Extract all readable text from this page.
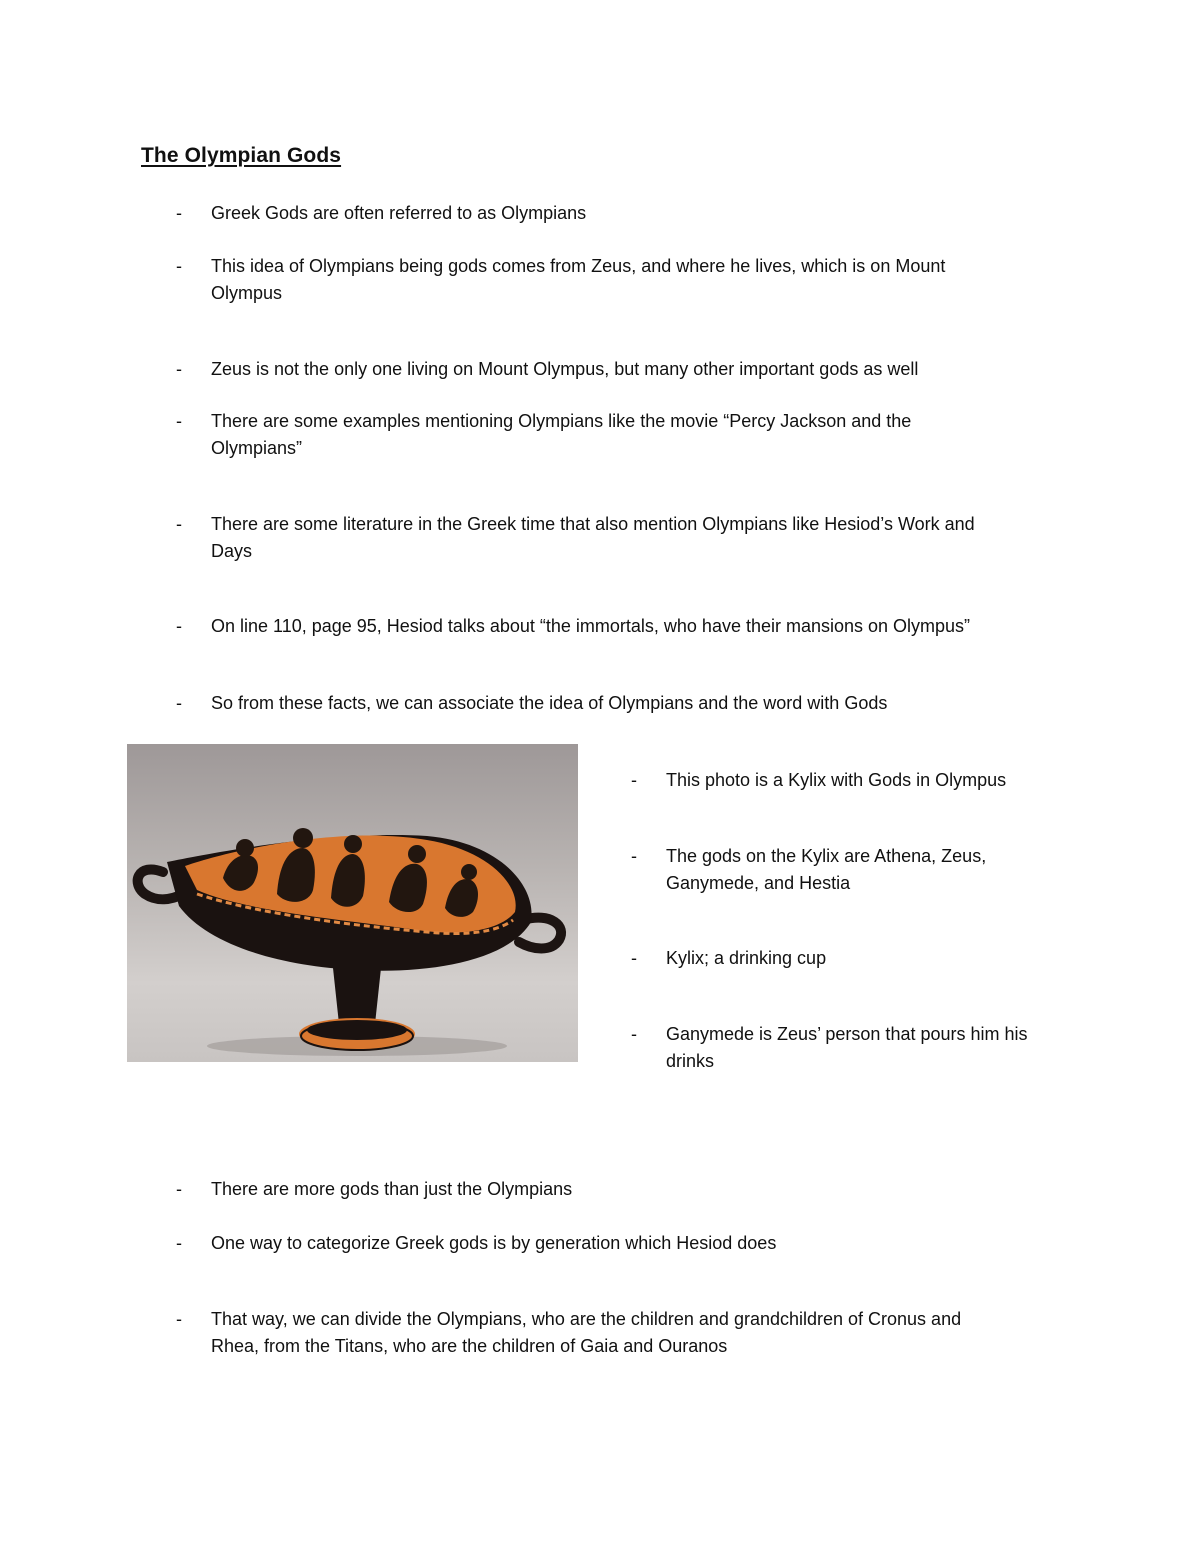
The Olympian Gods
- Greek Gods are often referred to as Olympians
- This idea of Olympians being gods comes from Zeus, and where he lives, which is on Mount
Olympus
- Zeus is not the only one living on Mount Olympus, but many other important gods as well
- There are some examples mentioning Olympians like the movie “Percy Jackson and the
Olympians”
- There are some literature in the Greek time that also mention Olympians like Hesiod’s Work and
Days
- On line 110, page 95, Hesiod talks about “the immortals, who have their mansions on Olympus”
- So from these facts, we can associate the idea of Olympians and the word with Gods
- This photo is a Kylix with Gods in Olympus
- The gods on the Kylix are Athena, Zeus,
Ganymede, and Hestia
- Kylix; a drinking cup
- Ganymede is Zeus’ person that pours him his
drinks
- There are more gods than just the Olympians
- One way to categorize Greek gods is by generation which Hesiod does
- That way, we can divide the Olympians, who are the children and grandchildren of Cronus and
Rhea, from the Titans, who are the children of Gaia and Ouranos
